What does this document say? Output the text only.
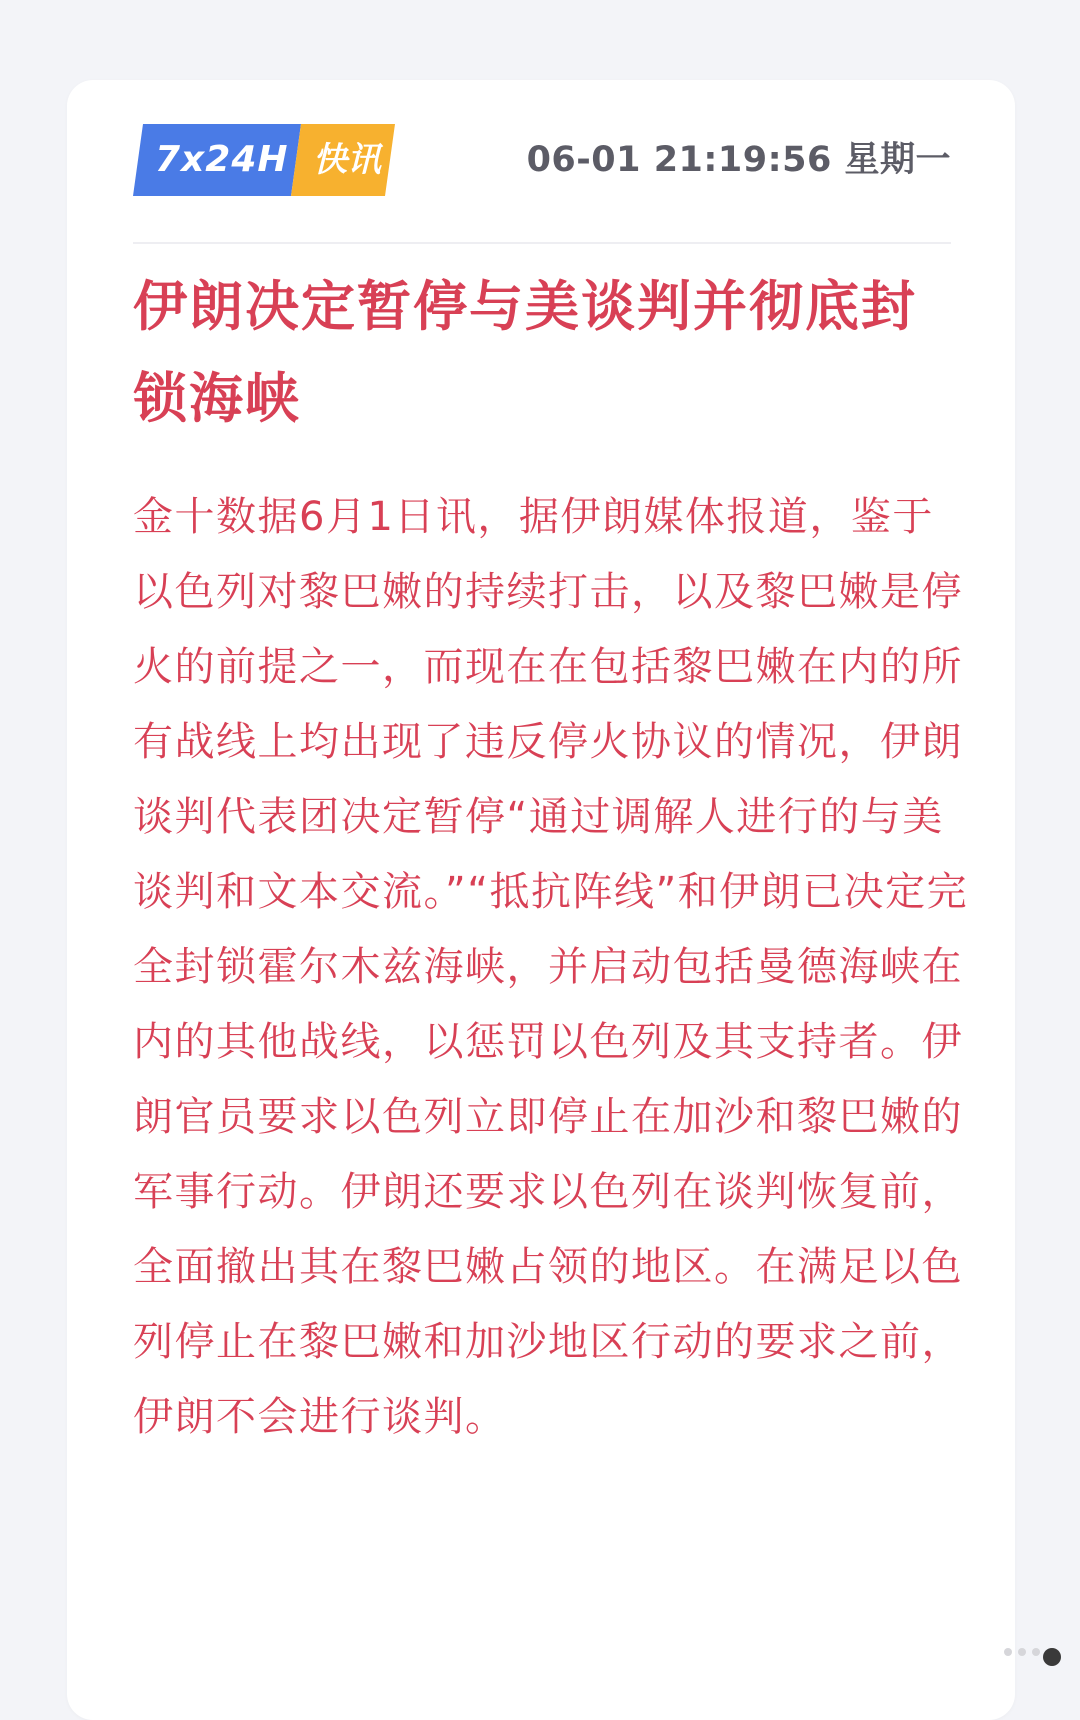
7x24H 快讯	06-01 21:19:56 星期一
伊朗决定暂停与美谈判并彻底封锁海峡

金十数据6月1日讯，据伊朗媒体报道，鉴于以色列对黎巴嫩的持续打击，以及黎巴嫩是停火的前提之一，而现在在包括黎巴嫩在内的所有战线上均出现了违反停火协议的情况，伊朗谈判代表团决定暂停“通过调解人进行的与美谈判和文本交流。”“抵抗阵线”和伊朗已决定完全封锁霍尔木兹海峡，并启动包括曼德海峡在内的其他战线，以惩罚以色列及其支持者。伊朗官员要求以色列立即停止在加沙和黎巴嫩的军事行动。伊朗还要求以色列在谈判恢复前，全面撤出其在黎巴嫩占领的地区。在满足以色列停止在黎巴嫩和加沙地区行动的要求之前，伊朗不会进行谈判。
